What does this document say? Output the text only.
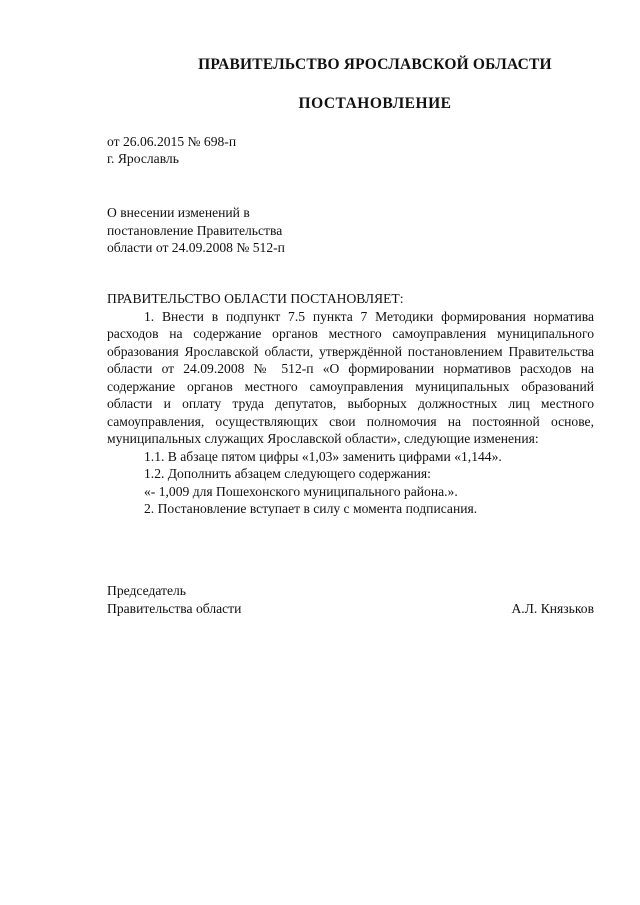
ПРАВИТЕЛЬСТВО ЯРОСЛАВСКОЙ ОБЛАСТИ
ПОСТАНОВЛЕНИЕ
от 26.06.2015 № 698-п
г. Ярославль
О внесении изменений в
постановление Правительства
области от 24.09.2008 № 512-п

ПРАВИТЕЛЬСТВО ОБЛАСТИ ПОСТАНОВЛЯЕТ:

1. Внести в подпункт 7.5 пункта 7 Методики формирования норматива расходов на содержание органов местного самоуправления муниципального образования Ярославской области, утверждённой постановлением Правительства области от 24.09.2008 № 512-п «О формировании нормативов расходов на содержание органов местного самоуправления муниципальных образований области и оплату труда депутатов, выборных должностных лиц местного самоуправления, осуществляющих свои полномочия на постоянной основе, муниципальных служащих Ярославской области», следующие изменения:

1.1. В абзаце пятом цифры «1,03» заменить цифрами «1,144».

1.2. Дополнить абзацем следующего содержания:

«- 1,009 для Пошехонского муниципального района.».

2. Постановление вступает в силу с момента подписания.

Председатель
Правительства области	А.Л. Князьков
